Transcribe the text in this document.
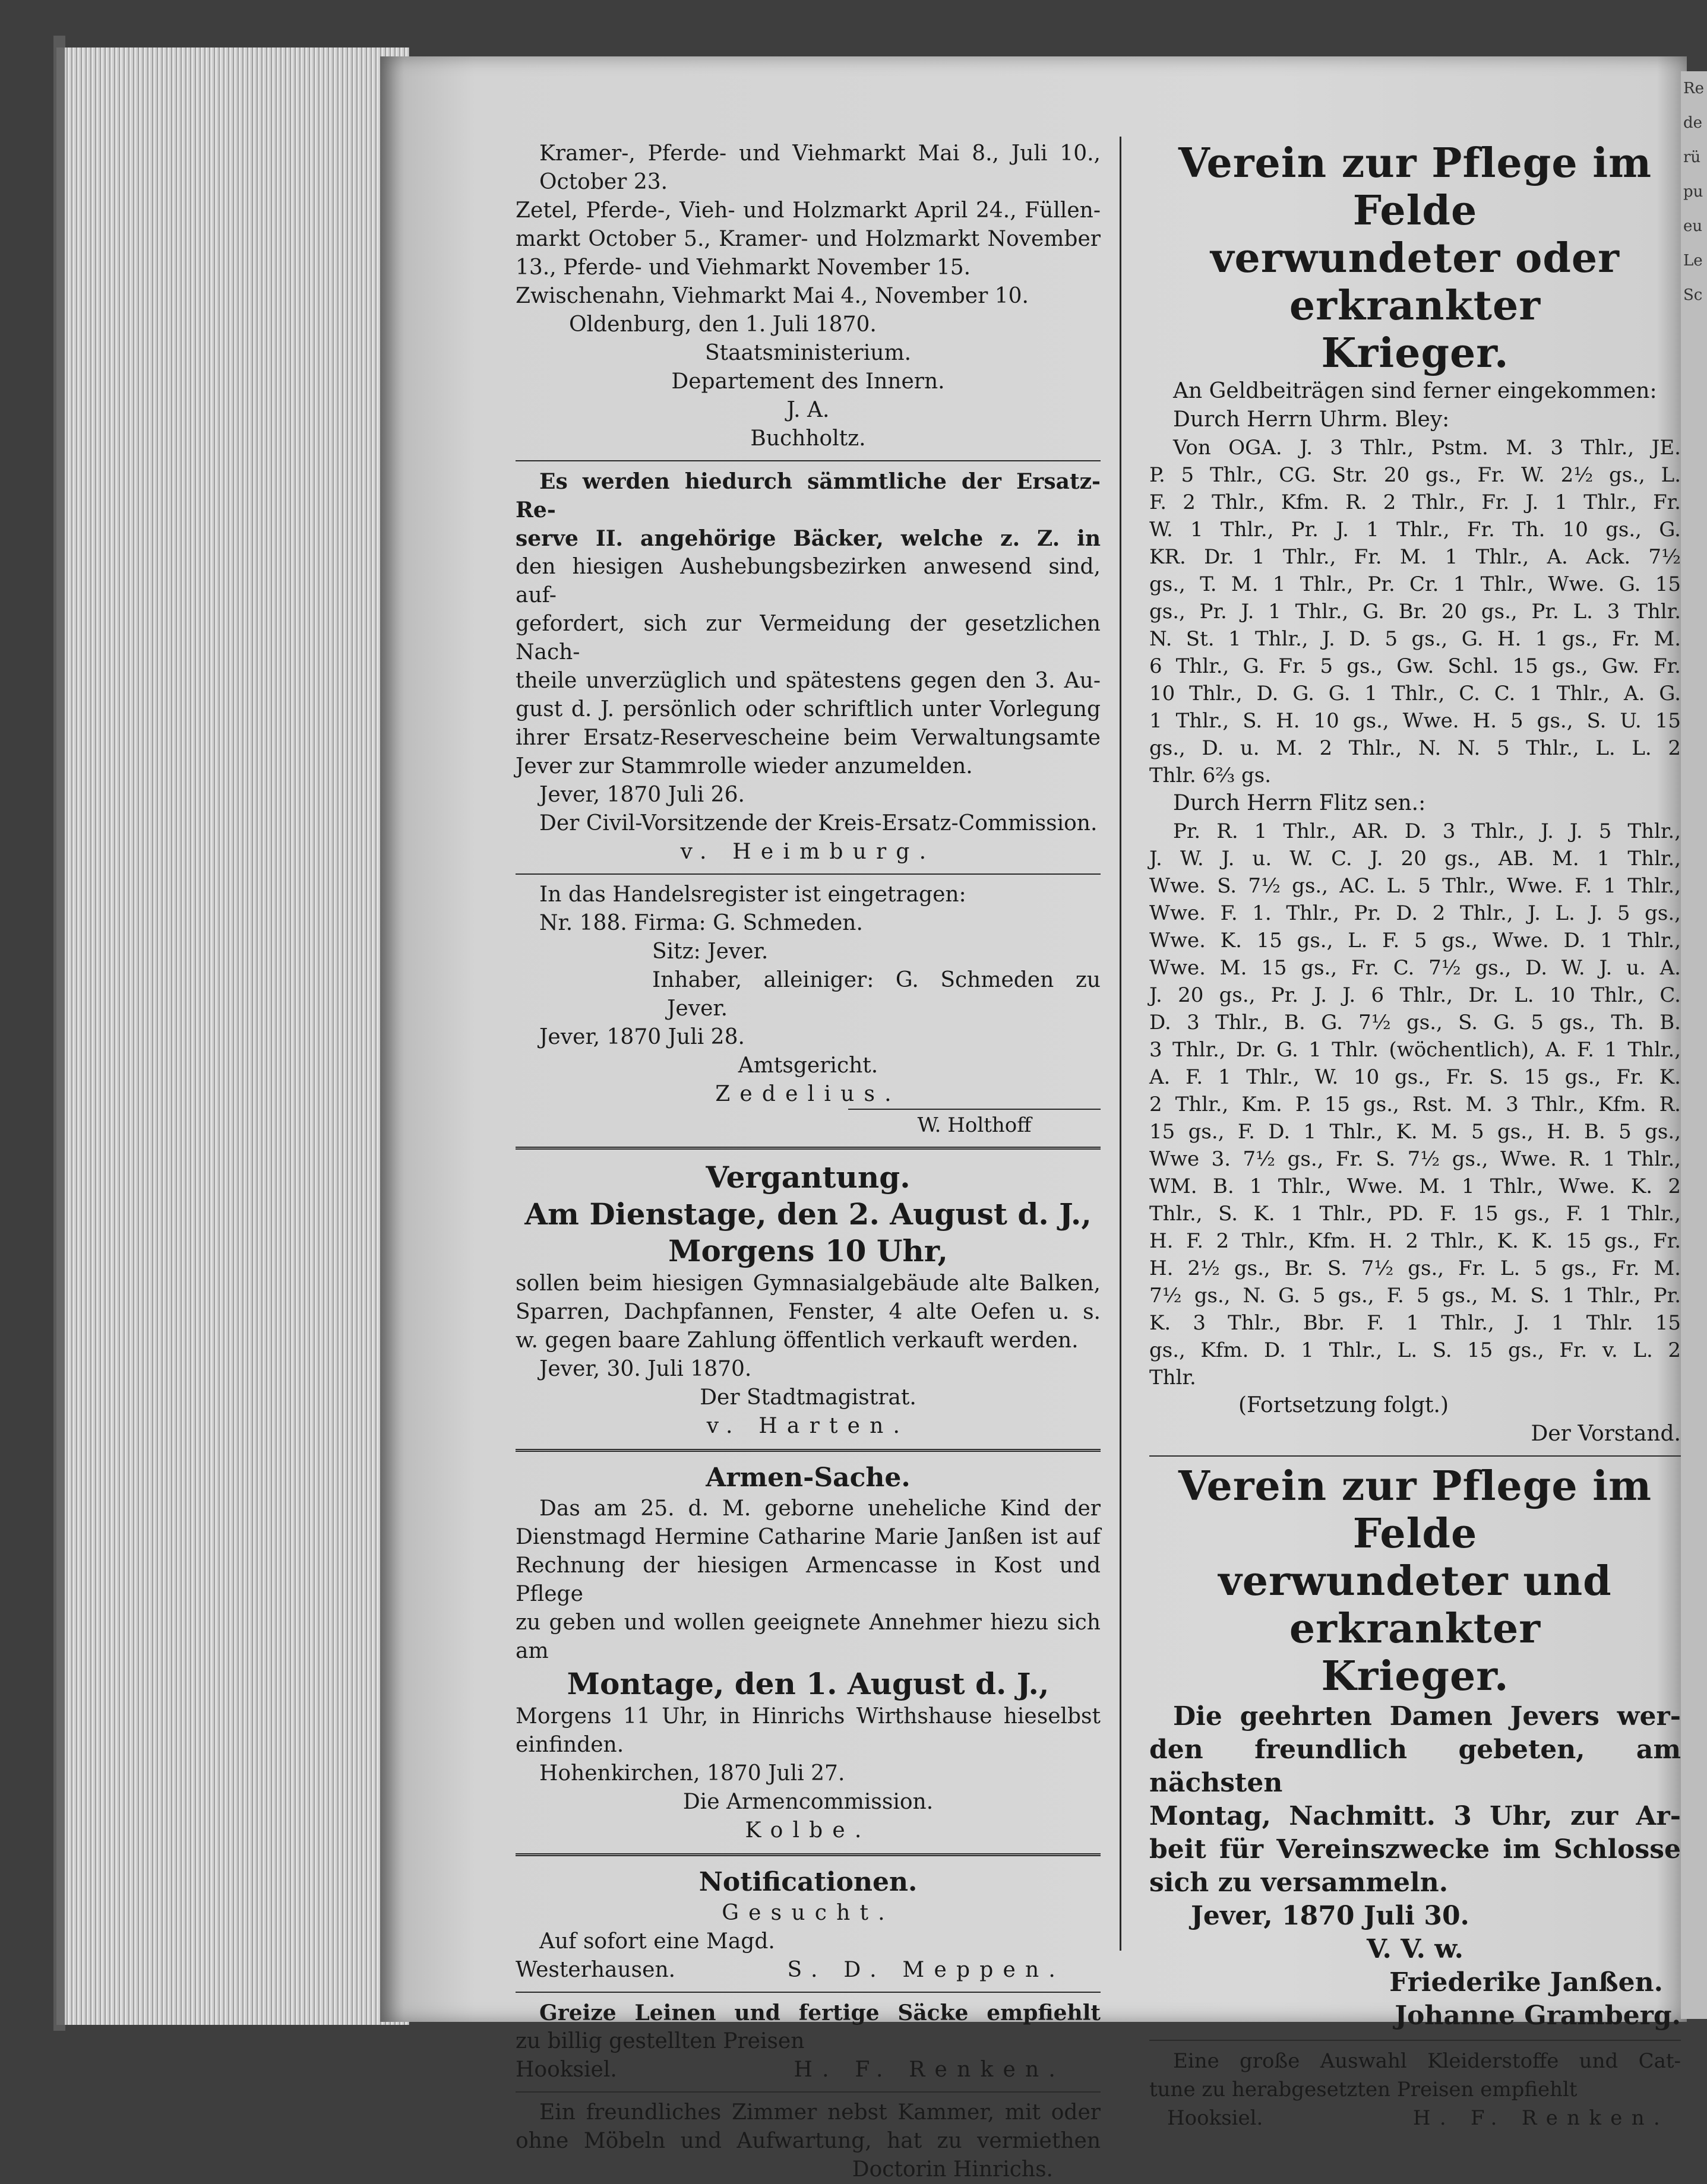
Re
de
rü
pu
eu
Le
Sc

Kramer-, Pferde- und Viehmarkt Mai 8., Juli 10.,

October 23.

Zetel, Pferde-, Vieh- und Holzmarkt April 24., Füllen-

markt October 5., Kramer- und Holzmarkt November

13., Pferde- und Viehmarkt November 15.

Zwischenahn, Viehmarkt Mai 4., November 10.

Oldenburg, den 1. Juli 1870.

Staatsministerium.

Departement des Innern.

J. A.

Buchholtz.

Es werden hiedurch sämmtliche der Ersatz-Re-

serve II. angehörige Bäcker, welche z. Z. in

den hiesigen Aushebungsbezirken anwesend sind, auf-

gefordert, sich zur Vermeidung der gesetzlichen Nach-

theile unverzüglich und spätestens gegen den 3. Au-

gust d. J. persönlich oder schriftlich unter Vorlegung

ihrer Ersatz-Reservescheine beim Verwaltungsamte

Jever zur Stammrolle wieder anzumelden.

Jever, 1870 Juli 26.

Der Civil-Vorsitzende der Kreis-Ersatz-Commission.

v. Heimburg.

In das Handelsregister ist eingetragen:

Nr. 188. Firma: G. Schmeden.

Sitz: Jever.

Inhaber, alleiniger: G. Schmeden zu

Jever.

Jever, 1870 Juli 28.

Amtsgericht.

Zedelius.

W. Holthoff

Vergantung.

Am Dienstage, den 2. August d. J.,

Morgens 10 Uhr,

sollen beim hiesigen Gymnasialgebäude alte Balken,

Sparren, Dachpfannen, Fenster, 4 alte Oefen u. s.

w. gegen baare Zahlung öffentlich verkauft werden.

Jever, 30. Juli 1870.

Der Stadtmagistrat.

v. Harten.

Armen-Sache.

Das am 25. d. M. geborne uneheliche Kind der

Dienstmagd Hermine Catharine Marie Janßen ist auf

Rechnung der hiesigen Armencasse in Kost und Pflege

zu geben und wollen geeignete Annehmer hiezu sich

am

Montage, den 1. August d. J.,

Morgens 11 Uhr, in Hinrichs Wirthshause hieselbst

einfinden.

Hohenkirchen, 1870 Juli 27.

Die Armencommission.

Kolbe.

Notificationen.

Gesucht.

Auf sofort eine Magd.

Westerhausen.	S. D. Meppen.

Greize Leinen und fertige Säcke empfiehlt

zu billig gestellten Preisen

Hooksiel.	H. F. Renken.

Ein freundliches Zimmer nebst Kammer, mit oder

ohne Möbeln und Aufwartung, hat zu vermiethen

Doctorin Hinrichs.

Verein zur Pflege im Felde

verwundeter oder erkrankter

Krieger.

An Geldbeiträgen sind ferner eingekommen:

Durch Herrn Uhrm. Bley:

Von OGA. J. 3 Thlr., Pstm. M. 3 Thlr., JE.

P. 5 Thlr., CG. Str. 20 gs., Fr. W. 2½ gs., L.

F. 2 Thlr., Kfm. R. 2 Thlr., Fr. J. 1 Thlr., Fr.

W. 1 Thlr., Pr. J. 1 Thlr., Fr. Th. 10 gs., G.

KR. Dr. 1 Thlr., Fr. M. 1 Thlr., A. Ack. 7½

gs., T. M. 1 Thlr., Pr. Cr. 1 Thlr., Wwe. G. 15

gs., Pr. J. 1 Thlr., G. Br. 20 gs., Pr. L. 3 Thlr.

N. St. 1 Thlr., J. D. 5 gs., G. H. 1 gs., Fr. M.

6 Thlr., G. Fr. 5 gs., Gw. Schl. 15 gs., Gw. Fr.

10 Thlr., D. G. G. 1 Thlr., C. C. 1 Thlr., A. G.

1 Thlr., S. H. 10 gs., Wwe. H. 5 gs., S. U. 15

gs., D. u. M. 2 Thlr., N. N. 5 Thlr., L. L. 2

Thlr. 6⅔ gs.

Durch Herrn Flitz sen.:

Pr. R. 1 Thlr., AR. D. 3 Thlr., J. J. 5 Thlr.,

J. W. J. u. W. C. J. 20 gs., AB. M. 1 Thlr.,

Wwe. S. 7½ gs., AC. L. 5 Thlr., Wwe. F. 1 Thlr.,

Wwe. F. 1. Thlr., Pr. D. 2 Thlr., J. L. J. 5 gs.,

Wwe. K. 15 gs., L. F. 5 gs., Wwe. D. 1 Thlr.,

Wwe. M. 15 gs., Fr. C. 7½ gs., D. W. J. u. A.

J. 20 gs., Pr. J. J. 6 Thlr., Dr. L. 10 Thlr., C.

D. 3 Thlr., B. G. 7½ gs., S. G. 5 gs., Th. B.

3 Thlr., Dr. G. 1 Thlr. (wöchentlich), A. F. 1 Thlr.,

A. F. 1 Thlr., W. 10 gs., Fr. S. 15 gs., Fr. K.

2 Thlr., Km. P. 15 gs., Rst. M. 3 Thlr., Kfm. R.

15 gs., F. D. 1 Thlr., K. M. 5 gs., H. B. 5 gs.,

Wwe 3. 7½ gs., Fr. S. 7½ gs., Wwe. R. 1 Thlr.,

WM. B. 1 Thlr., Wwe. M. 1 Thlr., Wwe. K. 2

Thlr., S. K. 1 Thlr., PD. F. 15 gs., F. 1 Thlr.,

H. F. 2 Thlr., Kfm. H. 2 Thlr., K. K. 15 gs., Fr.

H. 2½ gs., Br. S. 7½ gs., Fr. L. 5 gs., Fr. M.

7½ gs., N. G. 5 gs., F. 5 gs., M. S. 1 Thlr., Pr.

K. 3 Thlr., Bbr. F. 1 Thlr., J. 1 Thlr. 15

gs., Kfm. D. 1 Thlr., L. S. 15 gs., Fr. v. L. 2

Thlr.

(Fortsetzung folgt.)

Der Vorstand.

Verein zur Pflege im Felde

verwundeter und erkrankter

Krieger.

Die geehrten Damen Jevers wer-

den freundlich gebeten, am nächsten

Montag, Nachmitt. 3 Uhr, zur Ar-

beit für Vereinszwecke im Schlosse

sich zu versammeln.

Jever, 1870 Juli 30.

V. V. w.

Friederike Janßen.

Johanne Gramberg.

Eine große Auswahl Kleiderstoffe und Cat-

tune zu herabgesetzten Preisen empfiehlt

Hooksiel.	H. F. Renken.
